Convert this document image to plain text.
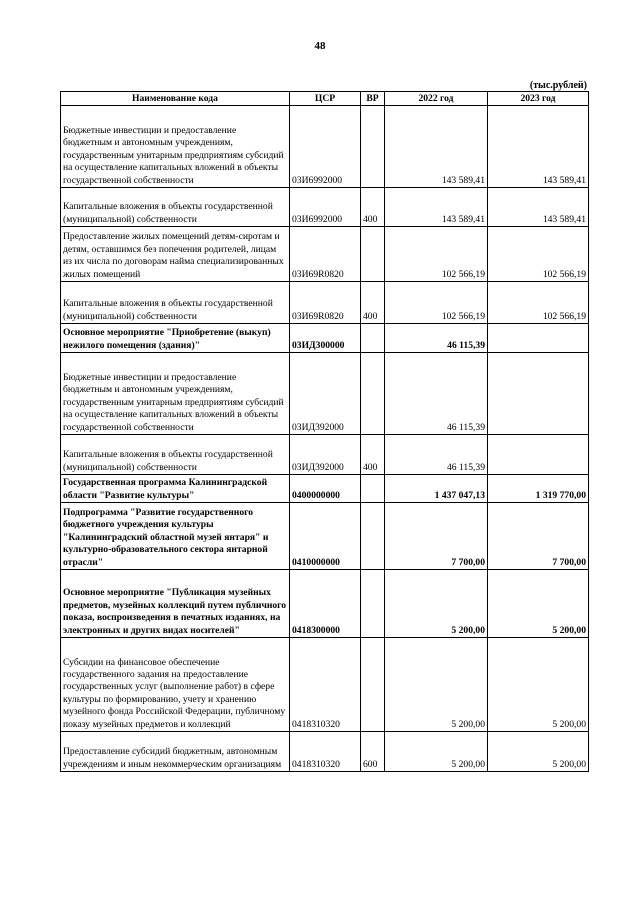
48
(тыс.рублей)
Наименование кода	ЦСР	ВР	2022 год	2023 год
Бюджетные инвестиции и предоставление бюджетным и автономным учреждениям, государственным унитарным предприятиям субсидий на осуществление капитальных вложений в объекты государственной собственности	03И6992000		143 589,41	143 589,41
Капитальные вложения в объекты государственной (муниципальной) собственности	03И6992000	400	143 589,41	143 589,41
Предоставление жилых помещений детям-сиротам и детям, оставшимся без попечения родителей, лицам из их числа по договорам найма специализированных жилых помещений	03И69R0820		102 566,19	102 566,19
Капитальные вложения в объекты государственной (муниципальной) собственности	03И69R0820	400	102 566,19	102 566,19
Основное мероприятие "Приобретение (выкуп) нежилого помещения (здания)"	03ИД300000		46 115,39	
Бюджетные инвестиции и предоставление бюджетным и автономным учреждениям, государственным унитарным предприятиям субсидий на осуществление капитальных вложений в объекты государственной собственности	03ИД392000		46 115,39	
Капитальные вложения в объекты государственной (муниципальной) собственности	03ИД392000	400	46 115,39	
Государственная программа Калининградской области "Развитие культуры"	0400000000		1 437 047,13	1 319 770,00
Подпрограмма "Развитие государственного бюджетного учреждения культуры "Калининградский областной музей янтаря" и культурно-образовательного сектора янтарной отрасли"	0410000000		7 700,00	7 700,00
Основное мероприятие "Публикация музейных предметов, музейных коллекций путем публичного показа, воспроизведения в печатных изданиях, на электронных и других видах носителей"	0418300000		5 200,00	5 200,00
Субсидии на финансовое обеспечение государственного задания на предоставление государственных услуг (выполнение работ) в сфере культуры по формированию, учету и хранению музейного фонда Российской Федерации, публичному показу музейных предметов и коллекций	0418310320		5 200,00	5 200,00
Предоставление субсидий бюджетным, автономным учреждениям и иным некоммерческим организациям	0418310320	600	5 200,00	5 200,00
